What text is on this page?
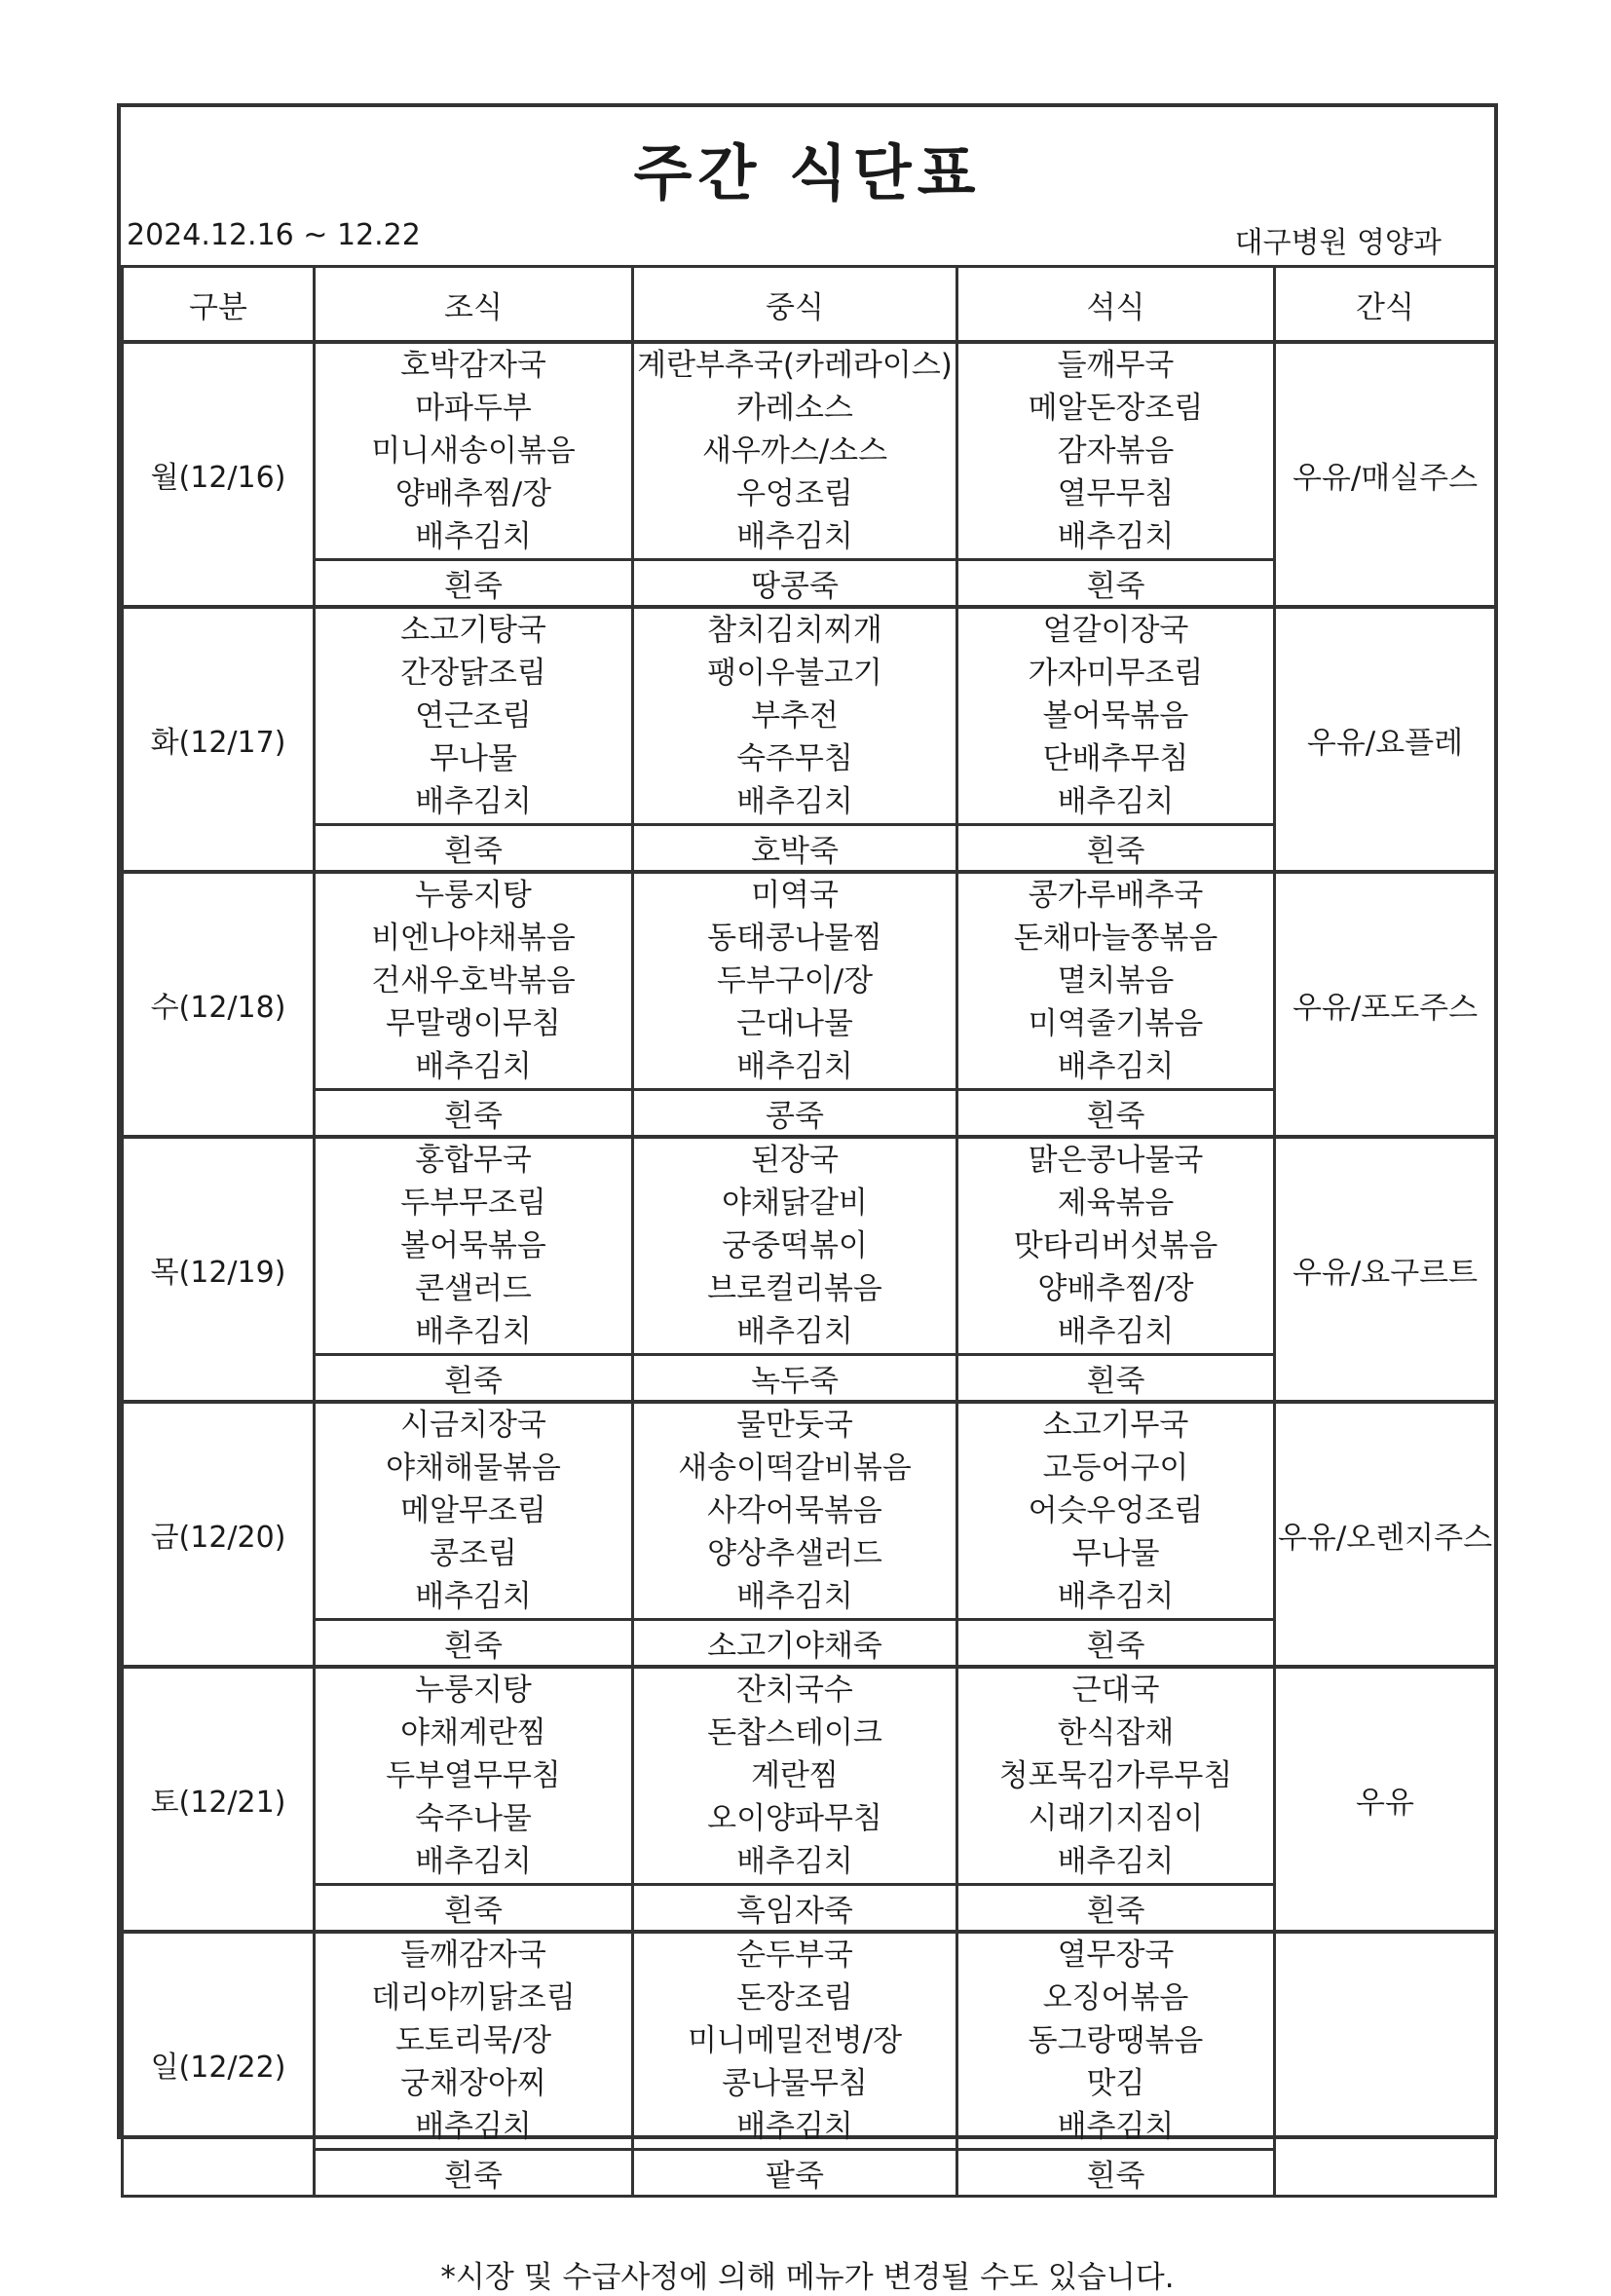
주간 식단표
2024.12.16 ~ 12.22	대구병원 영양과
구분	조식	중식	석식	간식
월(12/16)	호박감자국
마파두부
미니새송이볶음
양배추찜/장
배추김치	계란부추국(카레라이스)
카레소스
새우까스/소스
우엉조림
배추김치	들깨무국
메알돈장조림
감자볶음
열무무침
배추김치	우유/매실주스
	흰죽	땅콩죽	흰죽	
화(12/17)	소고기탕국
간장닭조림
연근조림
무나물
배추김치	참치김치찌개
팽이우불고기
부추전
숙주무침
배추김치	얼갈이장국
가자미무조림
볼어묵볶음
단배추무침
배추김치	우유/요플레
	흰죽	호박죽	흰죽	
수(12/18)	누룽지탕
비엔나야채볶음
건새우호박볶음
무말랭이무침
배추김치	미역국
동태콩나물찜
두부구이/장
근대나물
배추김치	콩가루배추국
돈채마늘쫑볶음
멸치볶음
미역줄기볶음
배추김치	우유/포도주스
	흰죽	콩죽	흰죽	
목(12/19)	홍합무국
두부무조림
볼어묵볶음
콘샐러드
배추김치	된장국
야채닭갈비
궁중떡볶이
브로컬리볶음
배추김치	맑은콩나물국
제육볶음
맛타리버섯볶음
양배추찜/장
배추김치	우유/요구르트
	흰죽	녹두죽	흰죽	
금(12/20)	시금치장국
야채해물볶음
메알무조림
콩조림
배추김치	물만둣국
새송이떡갈비볶음
사각어묵볶음
양상추샐러드
배추김치	소고기무국
고등어구이
어슷우엉조림
무나물
배추김치	우유/오렌지주스
	흰죽	소고기야채죽	흰죽	
토(12/21)	누룽지탕
야채계란찜
두부열무무침
숙주나물
배추김치	잔치국수
돈찹스테이크
계란찜
오이양파무침
배추김치	근대국
한식잡채
청포묵김가루무침
시래기지짐이
배추김치	우유
	흰죽	흑임자죽	흰죽	
일(12/22)	들깨감자국
데리야끼닭조림
도토리묵/장
궁채장아찌
배추김치	순두부국
돈장조림
미니메밀전병/장
콩나물무침
배추김치	열무장국
오징어볶음
동그랑땡볶음
맛김
배추김치	

	흰죽	팥죽	흰죽	
*시장 및 수급사정에 의해 메뉴가 변경될 수도 있습니다.
